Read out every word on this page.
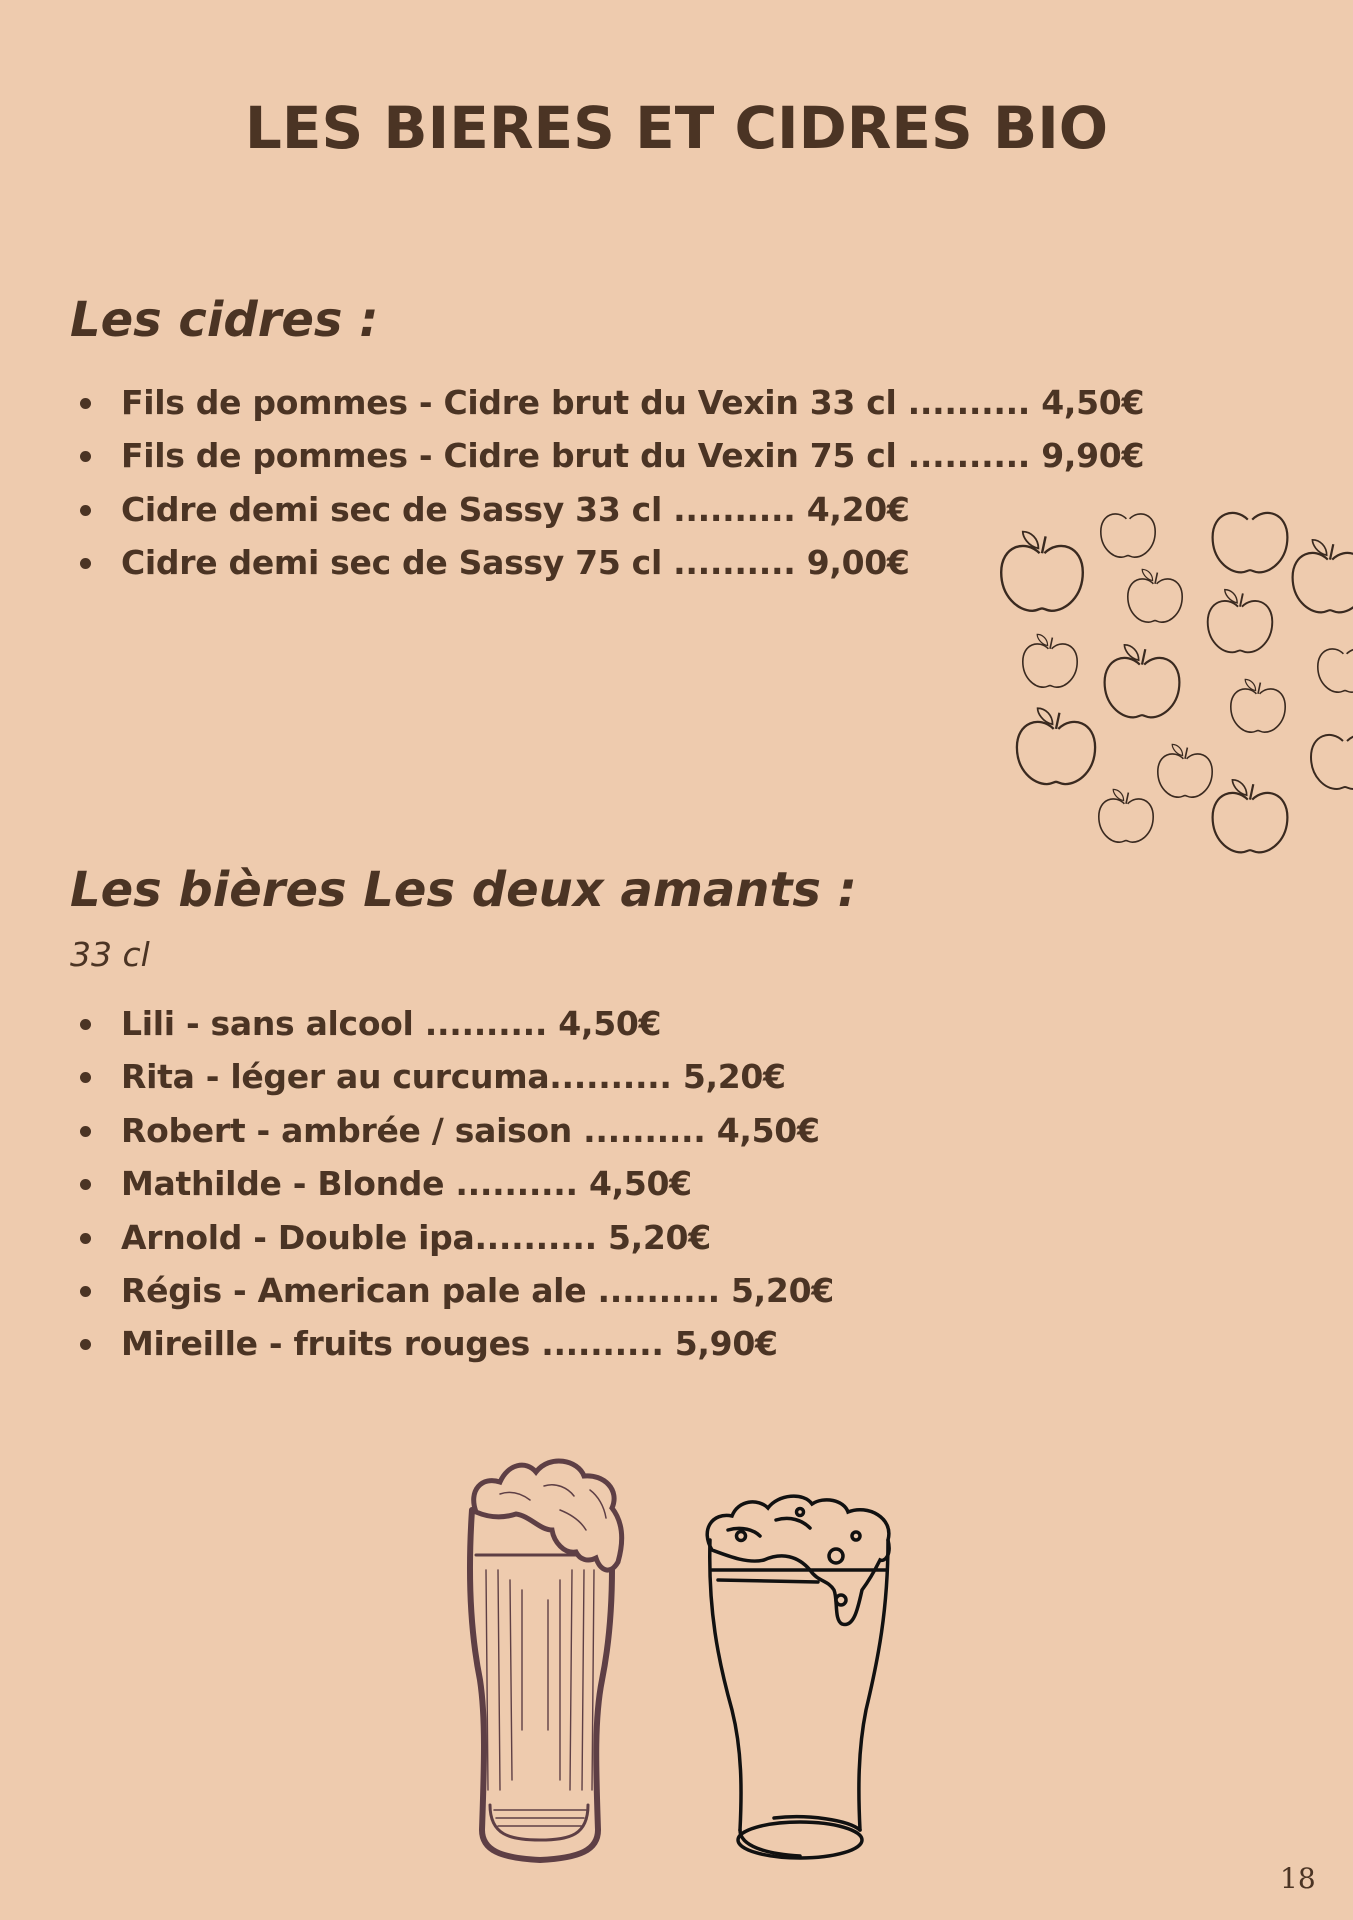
LES BIERES ET CIDRES BIO
Les cidres :
Fils de pommes - Cidre brut du Vexin 33 cl .......... 4,50€
Fils de pommes - Cidre brut du Vexin 75 cl .......... 9,90€
Cidre demi sec de Sassy 33 cl .......... 4,20€
Cidre demi sec de Sassy 75 cl .......... 9,00€
Les bières Les deux amants :

33 cl

Lili - sans alcool .......... 4,50€
Rita - léger au curcuma.......... 5,20€
Robert - ambrée / saison .......... 4,50€
Mathilde - Blonde .......... 4,50€
Arnold - Double ipa.......... 5,20€
Régis - American pale ale .......... 5,20€
Mireille - fruits rouges .......... 5,90€
18
